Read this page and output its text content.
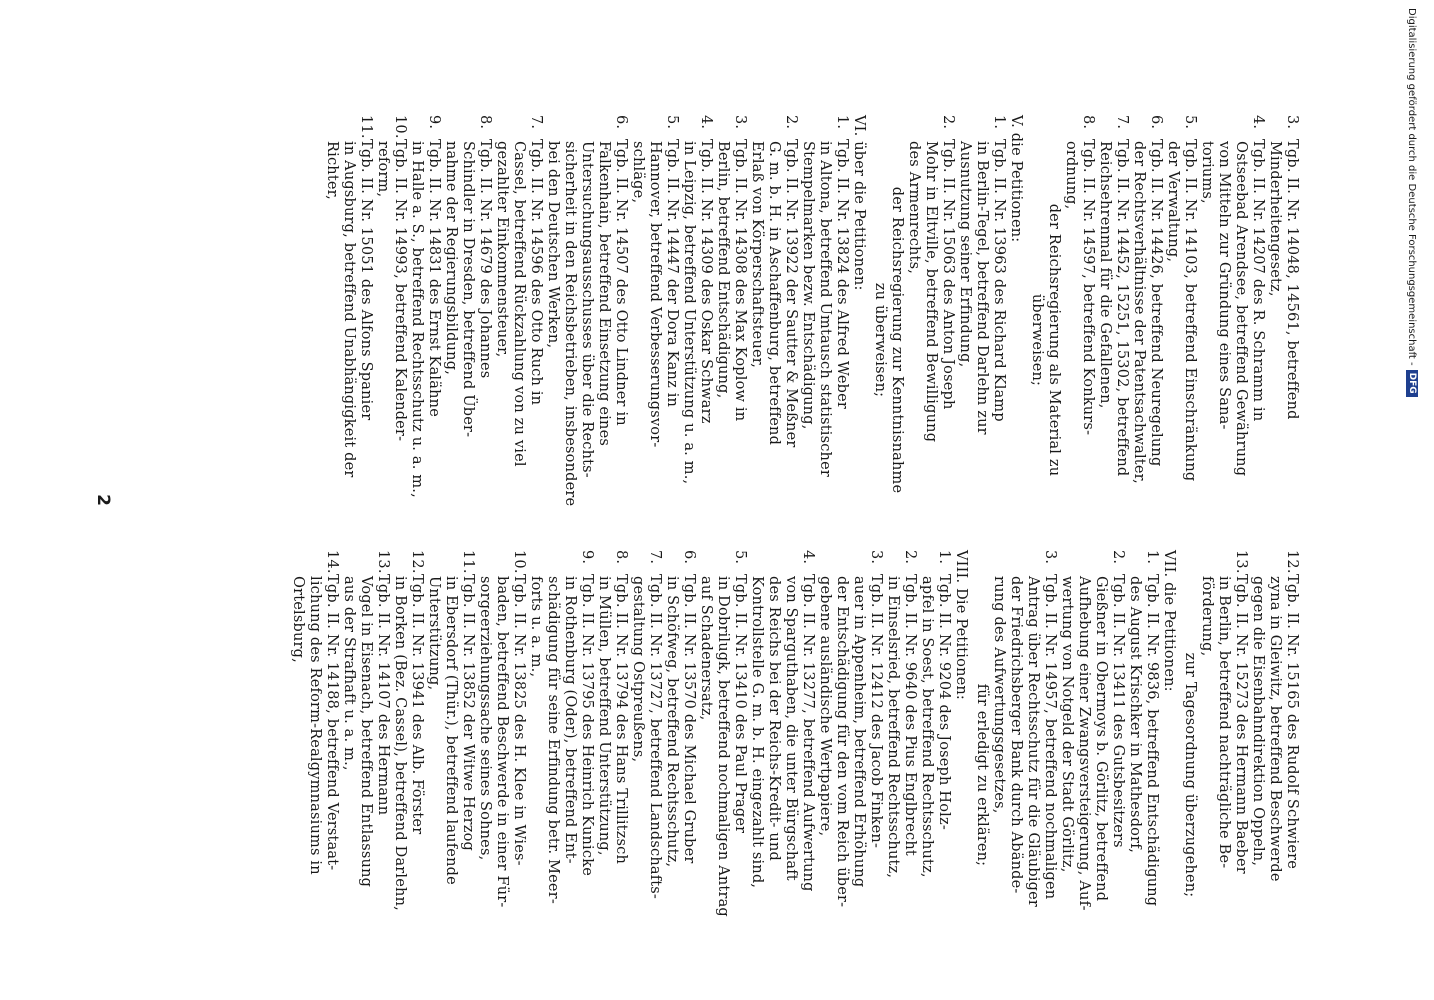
3.Tgb. II. Nr. 14048, 14561, betreffend
Minderheitengesetz,
4.Tgb. II. Nr. 14207 des R. Schramm in
Ostseebad Arendsee, betreffend Gewährung
von Mitteln zur Gründung eines Sana-
toriums,
5.Tgb. II. Nr. 14103, betreffend Einschränkung
der Verwaltung,
6.Tgb. II. Nr. 14426, betreffend Neuregelung
der Rechtsverhältnisse der Patentsachwalter,
7.Tgb. II. Nr. 14452, 15251, 15302, betreffend
Reichsehrenmal für die Gefallenen,
8.Tgb. II. Nr. 14597, betreffend Konkurs-
ordnung,
der Reichsregierung als Material zu
überweisen;
V. die Petitionen:
1.Tgb. II. Nr. 13963 des Richard Klamp
in Berlin-Tegel, betreffend Darlehn zur
Ausnutzung seiner Erfindung,
2.Tgb. II. Nr. 15063 des Anton Joseph
Mohr in Eltville, betreffend Bewilligung
des Armenrechts,
der Reichsregierung zur Kenntnisnahme
zu überweisen;
VI. über die Petitionen:
1.Tgb. II. Nr. 13824 des Alfred Weber
in Altona, betreffend Umtausch statistischer
Stempelmarken bezw. Entschädigung,
2.Tgb. II. Nr. 13922 der Sautter & Meßner
G. m. b. H. in Aschaffenburg, betreffend
Erlaß von Körperschaftsteuer,
3.Tgb. II. Nr. 14308 des Max Koplow in
Berlin, betreffend Entschädigung,
4.Tgb. II. Nr. 14309 des Oskar Schwarz
in Leipzig, betreffend Unterstützung u. a. m.,
5.Tgb. II. Nr. 14447 der Dora Kanz in
Hannover, betreffend Verbesserungsvor-
schläge,
6.Tgb. II. Nr. 14507 des Otto Lindner in
Falkenhain, betreffend Einsetzung eines
Untersuchungsausschusses über die Rechts-
sicherheit in den Reichsbetrieben, insbesondere
bei den Deutschen Werken,
7.Tgb. II. Nr. 14596 des Otto Ruch in
Cassel, betreffend Rückzahlung von zu viel
gezahlter Einkommensteuer,
8.Tgb. II. Nr. 14679 des Johannes
Schindler in Dresden, betreffend Über-
nahme der Regierungsbildung,
9.Tgb. II. Nr. 14831 des Ernst Kalähne
in Halle a. S., betreffend Rechtsschutz u. a. m.,
10.Tgb. II. Nr. 14993, betreffend Kalender-
reform,
11.Tgb. II. Nr. 15051 des Alfons Spanier
in Augsburg, betreffend Unabhängigkeit der
Richter,
12.Tgb. II. Nr. 15165 des Rudolf Schwiere
zyna in Gleiwitz, betreffend Beschwerde
gegen die Eisenbahndirektion Oppeln,
13.Tgb. II. Nr. 15273 des Hermann Baeber
in Berlin, betreffend nachträgliche Be-
förderung,
zur Tagesordnung überzugehen;
VII. die Petitionen:
1.Tgb. II. Nr. 9836, betreffend Entschädigung
des August Krischker in Mathesdorf,
2.Tgb. II. Nr. 13411 des Gutsbesitzers
Gießner in Obermoys b. Görlitz, betreffend
Aufhebung einer Zwangsversteigerung, Auf-
wertung von Notgeld der Stadt Görlitz,
3.Tgb. II. Nr. 14957, betreffend nochmaligen
Antrag über Rechtsschutz für die Gläubiger
der Friedrichsberger Bank durch Abände-
rung des Aufwertungsgesetzes,
für erledigt zu erklären;
VIII. Die Petitionen:
1.Tgb. II. Nr. 9204 des Joseph Holz-
apfel in Soest, betreffend Rechtsschutz,
2.Tgb. II. Nr. 9640 des Pius Englbrecht
in Einselsried, betreffend Rechtsschutz,
3.Tgb. II. Nr. 12412 des Jacob Finken-
auer in Appenheim, betreffend Erhöhung
der Entschädigung für den vom Reich über-
gebene ausländische Wertpapiere,
4.Tgb. II. Nr. 13277, betreffend Aufwertung
von Sparguthaben, die unter Bürgschaft
des Reichs bei der Reichs-Kredit- und
Kontrollstelle G. m. b. H. eingezahlt sind,
5.Tgb. II. Nr. 13410 des Paul Prager
in Dobrilugk, betreffend nochmaligen Antrag
auf Schadenersatz,
6.Tgb. II. Nr. 13570 des Michael Gruber
in Schöfweg, betreffend Rechtsschutz,
7.Tgb. II. Nr. 13727, betreffend Landschafts-
gestaltung Ostpreußens,
8.Tgb. II. Nr. 13794 des Hans Trillitzsch
in Müllen, betreffend Unterstützung,
9.Tgb. II. Nr. 13795 des Heinrich Kunicke
in Rothenburg (Oder), betreffend Ent-
schädigung für seine Erfindung betr. Meer-
forts u. a. m.,
10.Tgb. II. Nr. 13825 des H. Klee in Wies-
baden, betreffend Beschwerde in einer Für-
sorgeerziehungssache seines Sohnes,
11.Tgb. II. Nr. 13852 der Witwe Herzog
in Ebersdorf (Thür.), betreffend laufende
Unterstützung,
12.Tgb. II. Nr. 13941 des Alb. Förster
in Borken (Bez. Cassel), betreffend Darlehn,
13.Tgb. II. Nr. 14107 des Hermann
Vogel in Eisenach, betreffend Entlassung
aus der Strafhaft u. a. m.,
14.Tgb. II. Nr. 14188, betreffend Verstaat-
lichung des Reform-Realgymnasiums in
Ortelsburg,
2
Digitalisierung gefördert durch die Deutsche Forschungsgemeinschaft -
DFG
